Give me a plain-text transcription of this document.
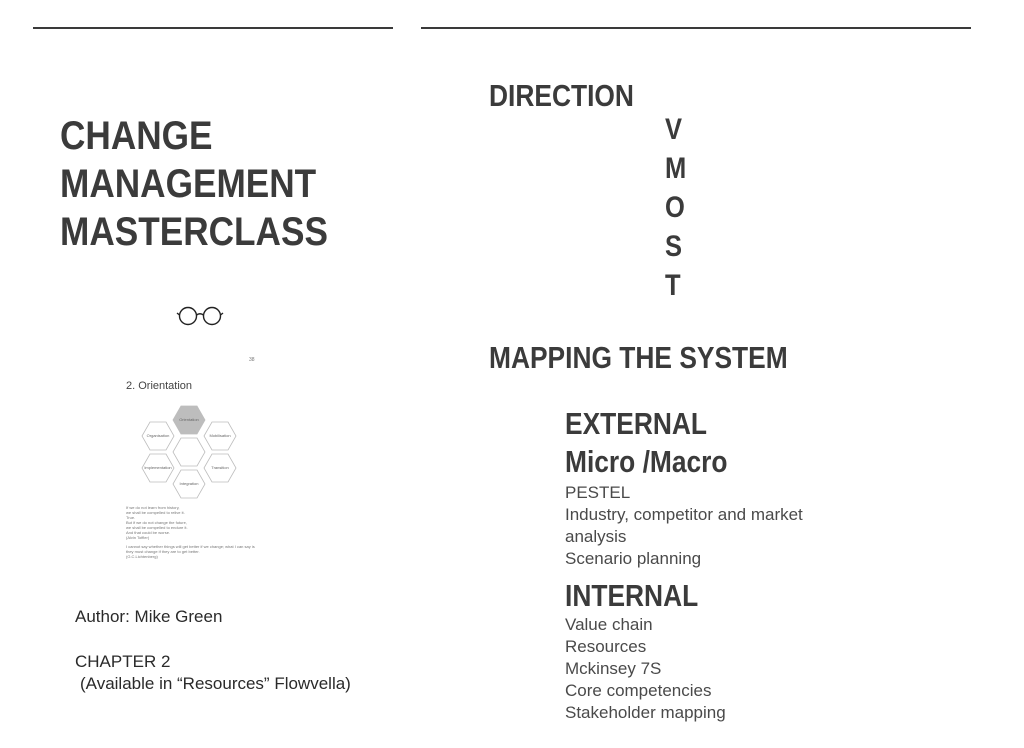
CHANGE
MANAGEMENT
MASTERCLASS
38
2. Orientation
Orientation
Organisation	Mobilisation
Implementation	Transition
Integration
If we do not learn from history,
we shall be compelled to relive it.
True.
But if we do not change the future,
we shall be compelled to endure it.
And that could be worse.
(Alvin Toffler)
I cannot say whether things will get better if we change; what I can say is
they must change if they are to get better.
(G.C.Lichtenberg)
Author: Mike Green
CHAPTER 2
(Available in “Resources” Flowvella)
DIRECTION
V
M
O
S
T
MAPPING THE SYSTEM
EXTERNAL
Micro /Macro
PESTEL
Industry, competitor and market analysis
Scenario planning
INTERNAL
Value chain
Resources
Mckinsey 7S
Core competencies
Stakeholder mapping
